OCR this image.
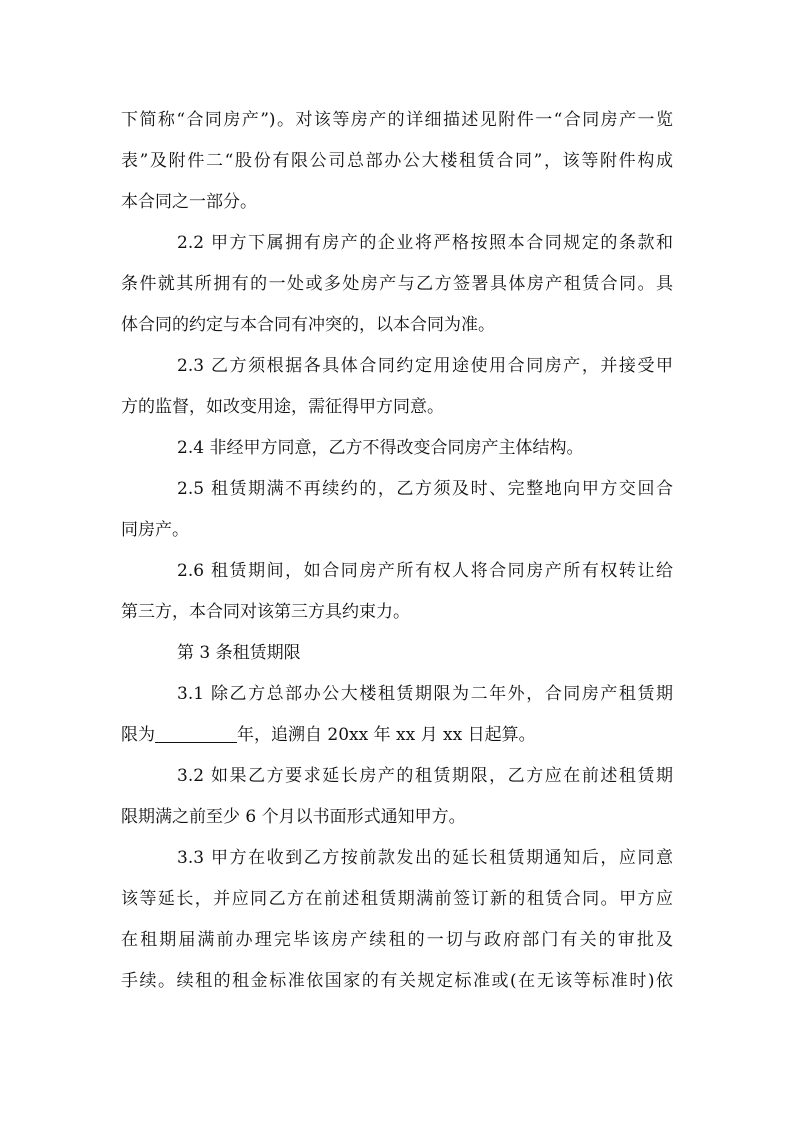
下简称“合同房产”)。对该等房产的详细描述见附件一“合同房产一览
表”及附件二“股份有限公司总部办公大楼租赁合同”，该等附件构成
本合同之一部分。
2.2 甲方下属拥有房产的企业将严格按照本合同规定的条款和
条件就其所拥有的一处或多处房产与乙方签署具体房产租赁合同。具
体合同的约定与本合同有冲突的，以本合同为准。
2.3 乙方须根据各具体合同约定用途使用合同房产，并接受甲
方的监督，如改变用途，需征得甲方同意。
2.4 非经甲方同意，乙方不得改变合同房产主体结构。
2.5 租赁期满不再续约的，乙方须及时、完整地向甲方交回合
同房产。
2.6 租赁期间，如合同房产所有权人将合同房产所有权转让给
第三方，本合同对该第三方具约束力。
第 3 条租赁期限
3.1 除乙方总部办公大楼租赁期限为二年外，合同房产租赁期
限为	年，追溯自 20xx 年 xx 月 xx 日起算。
3.2 如果乙方要求延长房产的租赁期限，乙方应在前述租赁期
限期满之前至少 6 个月以书面形式通知甲方。
3.3 甲方在收到乙方按前款发出的延长租赁期通知后，应同意
该等延长，并应同乙方在前述租赁期满前签订新的租赁合同。甲方应
在租期届满前办理完毕该房产续租的一切与政府部门有关的审批及
手续。续租的租金标准依国家的有关规定标准或(在无该等标准时)依
